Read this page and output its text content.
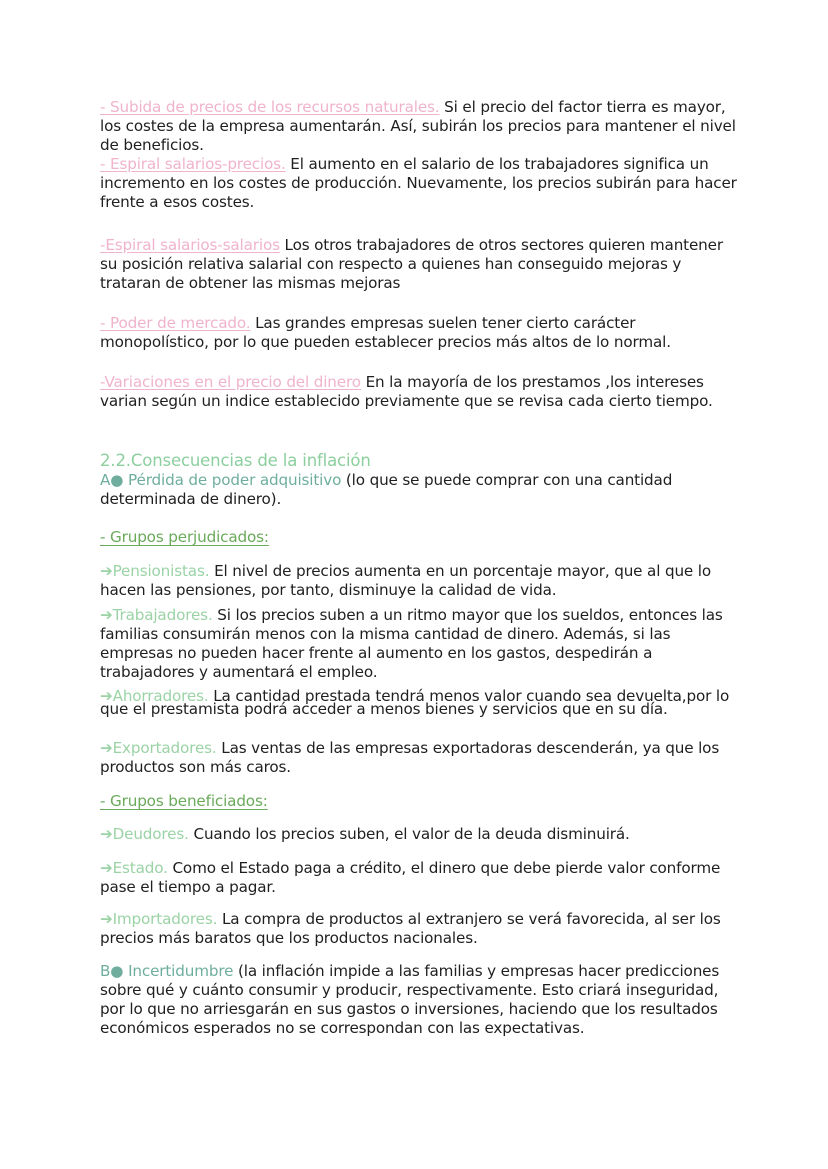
- Subida de precios de los recursos naturales. Si el precio del factor tierra es mayor, los costes de la empresa aumentarán. Así, subirán los precios para mantener el nivel de beneficios.
- Espiral salarios-precios. El aumento en el salario de los trabajadores significa un incremento en los costes de producción. Nuevamente, los precios subirán para hacer frente a esos costes.

-Espiral salarios-salarios Los otros trabajadores de otros sectores quieren mantener su posición relativa salarial con respecto a quienes han conseguido mejoras y trataran de obtener las mismas mejoras

- Poder de mercado. Las grandes empresas suelen tener cierto carácter monopolístico, por lo que pueden establecer precios más altos de lo normal.

-Variaciones en el precio del dinero En la mayoría de los prestamos ,los intereses varian según un indice establecido previamente que se revisa cada cierto tiempo.

2.2.Consecuencias de la inflación

A● Pérdida de poder adquisitivo (lo que se puede comprar con una cantidad determinada de dinero).

- Grupos perjudicados:

➔Pensionistas. El nivel de precios aumenta en un porcentaje mayor, que al que lo hacen las pensiones, por tanto, disminuye la calidad de vida.

➔Trabajadores. Si los precios suben a un ritmo mayor que los sueldos, entonces las familias consumirán menos con la misma cantidad de dinero. Además, si las empresas no pueden hacer frente al aumento en los gastos, despedirán a trabajadores y aumentará el empleo.

➔Ahorradores. La cantidad prestada tendrá menos valor cuando sea devuelta,por lo que el prestamista podrá acceder a menos bienes y servicios que en su día.

➔Exportadores. Las ventas de las empresas exportadoras descenderán, ya que los productos son más caros.

- Grupos beneficiados:

➔Deudores. Cuando los precios suben, el valor de la deuda disminuirá.

➔Estado. Como el Estado paga a crédito, el dinero que debe pierde valor conforme pase el tiempo a pagar.

➔Importadores. La compra de productos al extranjero se verá favorecida, al ser los precios más baratos que los productos nacionales.

B● Incertidumbre (la inflación impide a las familias y empresas hacer predicciones sobre qué y cuánto consumir y producir, respectivamente. Esto criará inseguridad, por lo que no arriesgarán en sus gastos o inversiones, haciendo que los resultados económicos esperados no se correspondan con las expectativas.
